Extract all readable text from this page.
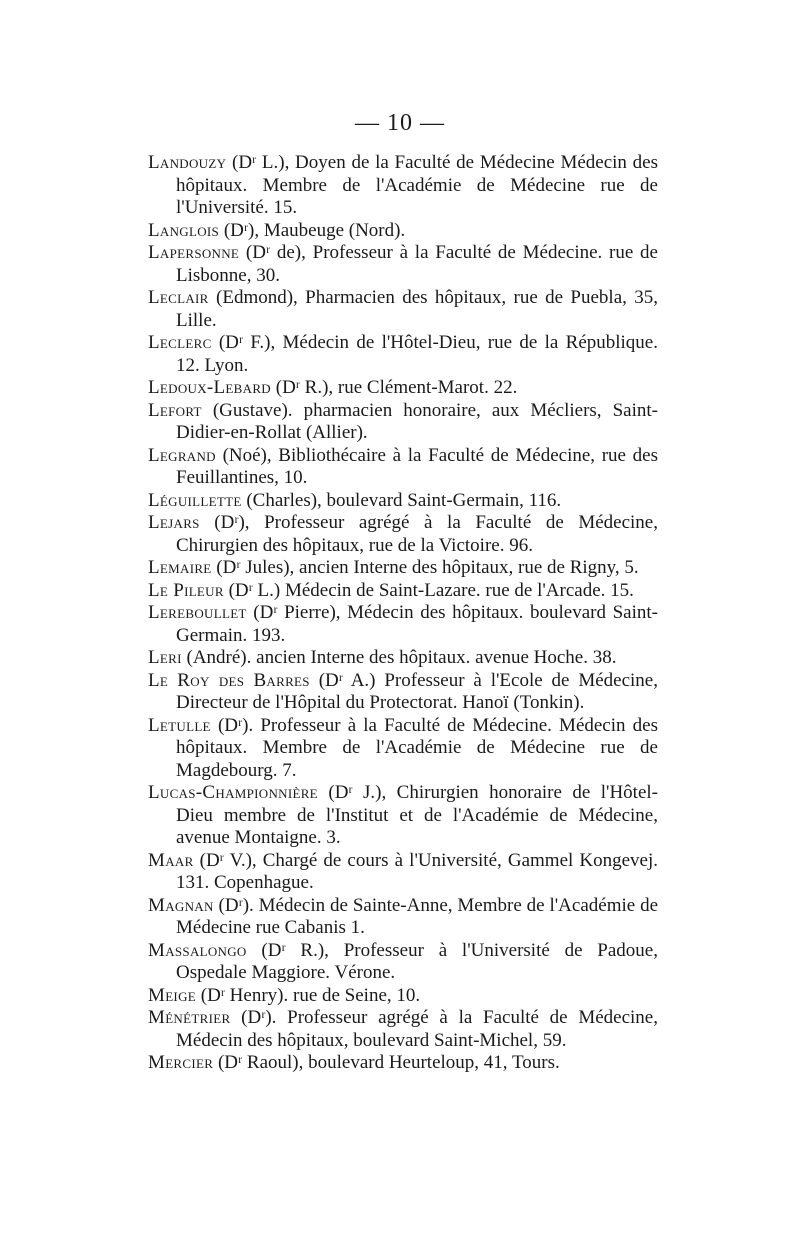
— 10 —

Landouzy (Dʳ L.), Doyen de la Faculté de Médecine Médecin des hôpitaux. Membre de l'Académie de Médecine rue de l'Université. 15.

Langlois (Dʳ), Maubeuge (Nord).

Lapersonne (Dʳ de), Professeur à la Faculté de Médecine. rue de Lisbonne, 30.

Leclair (Edmond), Pharmacien des hôpitaux, rue de Puebla, 35, Lille.

Leclerc (Dʳ F.), Médecin de l'Hôtel-Dieu, rue de la République. 12. Lyon.

Ledoux-Lebard (Dʳ R.), rue Clément-Marot. 22.

Lefort (Gustave). pharmacien honoraire, aux Mécliers, Saint-Didier-en-Rollat (Allier).

Legrand (Noé), Bibliothécaire à la Faculté de Médecine, rue des Feuillantines, 10.

Léguillette (Charles), boulevard Saint-Germain, 116.

Lejars (Dʳ), Professeur agrégé à la Faculté de Médecine, Chirurgien des hôpitaux, rue de la Victoire. 96.

Lemaire (Dʳ Jules), ancien Interne des hôpitaux, rue de Rigny, 5.

Le Pileur (Dʳ L.) Médecin de Saint-Lazare. rue de l'Arcade. 15.

Lereboullet (Dʳ Pierre), Médecin des hôpitaux. boulevard Saint-Germain. 193.

Leri (André). ancien Interne des hôpitaux. avenue Hoche. 38.

Le Roy des Barres (Dʳ A.) Professeur à l'Ecole de Médecine, Directeur de l'Hôpital du Protectorat. Hanoï (Tonkin).

Letulle (Dʳ). Professeur à la Faculté de Médecine. Médecin des hôpitaux. Membre de l'Académie de Médecine rue de Magdebourg. 7.

Lucas-Championnière (Dʳ J.), Chirurgien honoraire de l'Hôtel-Dieu membre de l'Institut et de l'Académie de Médecine, avenue Montaigne. 3.

Maar (Dʳ V.), Chargé de cours à l'Université, Gammel Kongevej. 131. Copenhague.

Magnan (Dʳ). Médecin de Sainte-Anne, Membre de l'Académie de Médecine rue Cabanis 1.

Massalongo (Dʳ R.), Professeur à l'Université de Padoue, Ospedale Maggiore. Vérone.

Meige (Dʳ Henry). rue de Seine, 10.

Ménétrier (Dʳ). Professeur agrégé à la Faculté de Médecine, Médecin des hôpitaux, boulevard Saint-Michel, 59.

Mercier (Dʳ Raoul), boulevard Heurteloup, 41, Tours.
